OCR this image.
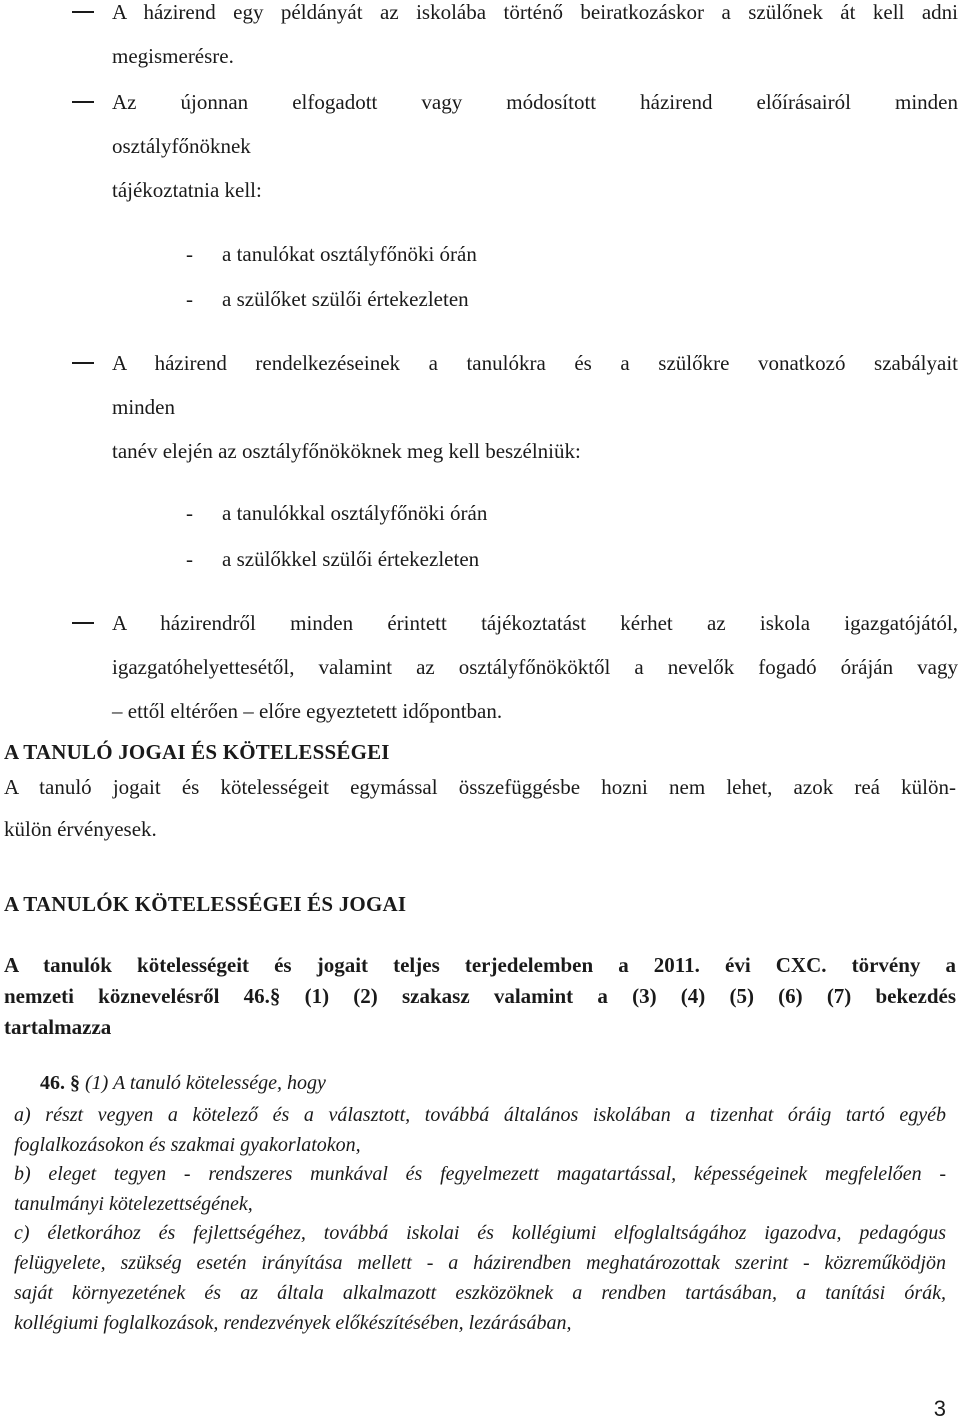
A házirend egy példányát az iskolába történő beiratkozáskor a szülőnek át kell adni
megismerésre.
Az újonnan elfogadott vagy módosított házirend előírásairól minden
osztályfőnöknek
tájékoztatnia kell:
- a tanulókat osztályfőnöki órán
- a szülőket szülői értekezleten
A házirend rendelkezéseinek a tanulókra és a szülőkre vonatkozó szabályait
minden
tanév elején az osztályfőnököknek meg kell beszélniük:
- a tanulókkal osztályfőnöki órán
- a szülőkkel szülői értekezleten
A házirendről minden érintett tájékoztatást kérhet az iskola igazgatójától,
igazgatóhelyettesétől, valamint az osztályfőnököktől a nevelők fogadó óráján vagy
– ettől eltérően – előre egyeztetett időpontban.
A TANULÓ JOGAI ÉS KÖTELESSÉGEI
A tanuló jogait és kötelességeit egymással összefüggésbe hozni nem lehet, azok reá külön-
külön érvényesek.
A TANULÓK KÖTELESSÉGEI ÉS JOGAI
A tanulók kötelességeit és jogait teljes terjedelemben a 2011. évi CXC. törvény a
nemzeti köznevelésről 46.§ (1) (2) szakasz valamint a (3) (4) (5) (6) (7) bekezdés
tartalmazza
46. § (1) A tanuló kötelessége, hogy
a) részt vegyen a kötelező és a választott, továbbá általános iskolában a tizenhat óráig tartó egyéb
foglalkozásokon és szakmai gyakorlatokon,
b) eleget tegyen - rendszeres munkával és fegyelmezett magatartással, képességeinek megfelelően -
tanulmányi kötelezettségének,
c) életkorához és fejlettségéhez, továbbá iskolai és kollégiumi elfoglaltságához igazodva, pedagógus
felügyelete, szükség esetén irányítása mellett - a házirendben meghatározottak szerint - közreműködjön
saját környezetének és az általa alkalmazott eszközöknek a rendben tartásában, a tanítási órák,
kollégiumi foglalkozások, rendezvények előkészítésében, lezárásában,
3
